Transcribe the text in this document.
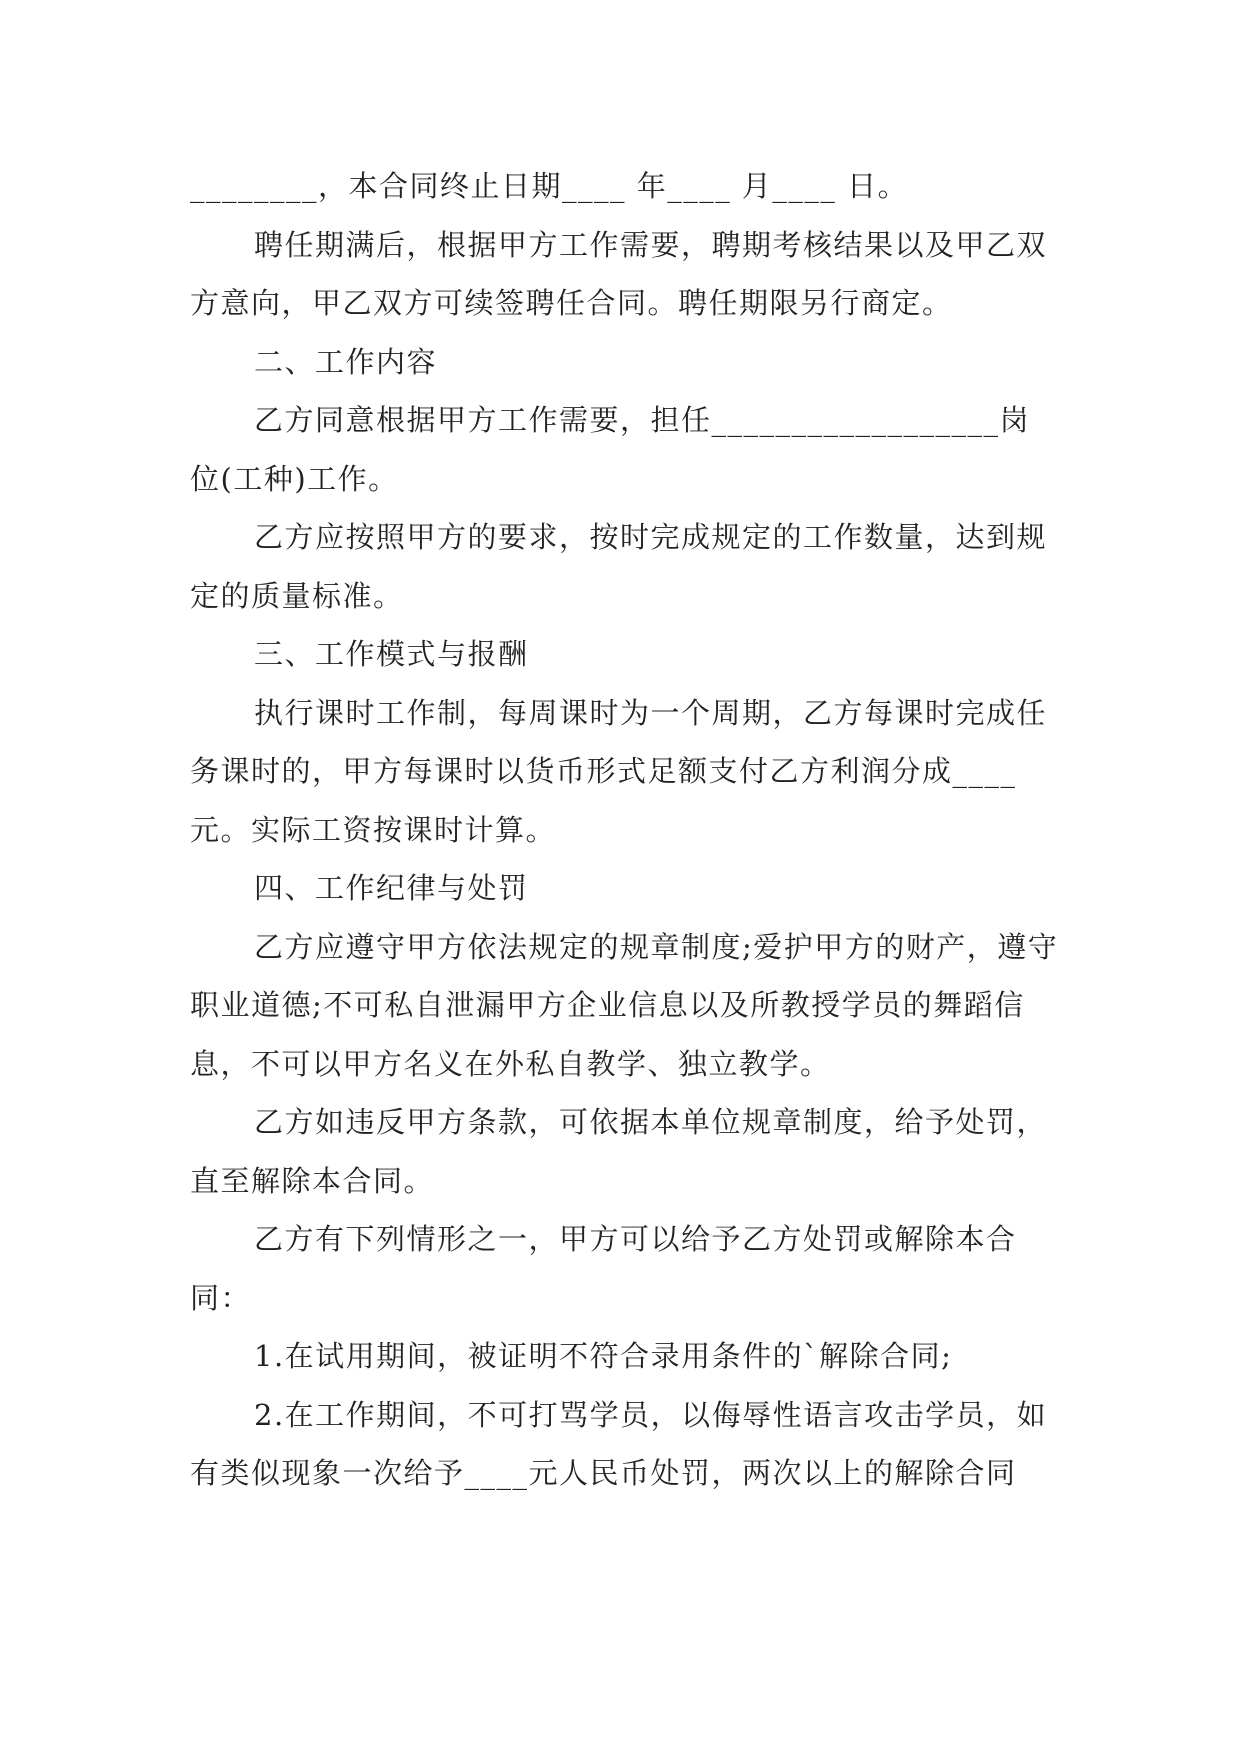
________，本合同终止日期____ 年____ 月____ 日。

聘任期满后，根据甲方工作需要，聘期考核结果以及甲乙双方意向，甲乙双方可续签聘任合同。聘任期限另行商定。

二、工作内容

乙方同意根据甲方工作需要，担任__________________岗位(工种)工作。

乙方应按照甲方的要求，按时完成规定的工作数量，达到规定的质量标准。

三、工作模式与报酬

执行课时工作制，每周课时为一个周期，乙方每课时完成任务课时的，甲方每课时以货币形式足额支付乙方利润分成____元。实际工资按课时计算。

四、工作纪律与处罚

乙方应遵守甲方依法规定的规章制度;爱护甲方的财产，遵守职业道德;不可私自泄漏甲方企业信息以及所教授学员的舞蹈信息，不可以甲方名义在外私自教学、独立教学。

乙方如违反甲方条款，可依据本单位规章制度，给予处罚，直至解除本合同。

乙方有下列情形之一，甲方可以给予乙方处罚或解除本合同：

1.在试用期间，被证明不符合录用条件的`解除合同;

2.在工作期间，不可打骂学员，以侮辱性语言攻击学员，如有类似现象一次给予____元人民币处罚，两次以上的解除合同
